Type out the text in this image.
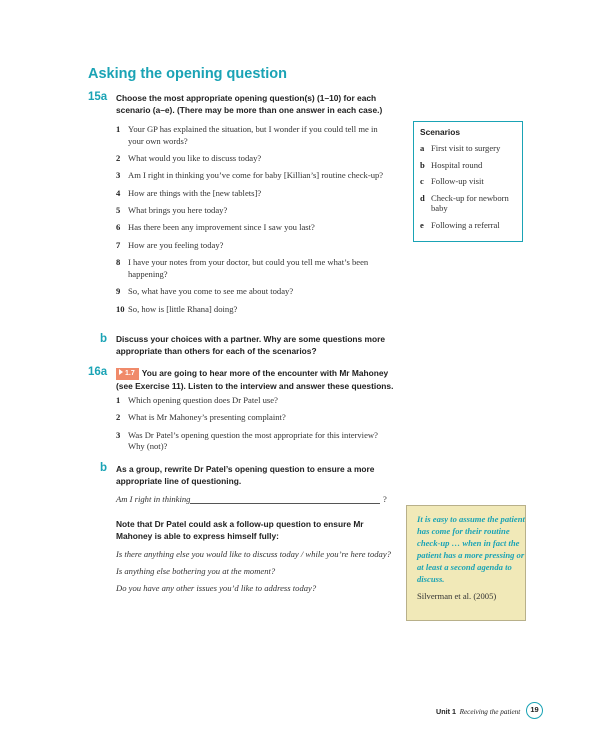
Asking the opening question
15a Choose the most appropriate opening question(s) (1–10) for each scenario (a–e). (There may be more than one answer in each case.)
1 Your GP has explained the situation, but I wonder if you could tell me in your own words?
2 What would you like to discuss today?
3 Am I right in thinking you’ve come for baby [Killian’s] routine check-up?
4 How are things with the [new tablets]?
5 What brings you here today?
6 Has there been any improvement since I saw you last?
7 How are you feeling today?
8 I have your notes from your doctor, but could you tell me what’s been happening?
9 So, what have you come to see me about today?
10 So, how is [little Rhana] doing?
Scenarios
a First visit to surgery
b Hospital round
c Follow-up visit
d Check-up for newborn baby
e Following a referral
b Discuss your choices with a partner. Why are some questions more appropriate than others for each of the scenarios?
16a	1.7 You are going to hear more of the encounter with Mr Mahoney (see Exercise 11). Listen to the interview and answer these questions.
1 Which opening question does Dr Patel use?
2 What is Mr Mahoney’s presenting complaint?
3 Was Dr Patel’s opening question the most appropriate for this interview? Why (not)?
b As a group, rewrite Dr Patel’s opening question to ensure a more appropriate line of questioning.
Am I right in thinking	?
Note that Dr Patel could ask a follow-up question to ensure Mr Mahoney is able to express himself fully:
Is there anything else you would like to discuss today / while you’re here today?
Is anything else bothering you at the moment?
Do you have any other issues you’d like to address today?
It is easy to assume the patient has come for their routine check-up … when in fact the patient has a more pressing or at least a second agenda to discuss.
Silverman et al. (2005)
Unit 1 Receiving the patient	19
